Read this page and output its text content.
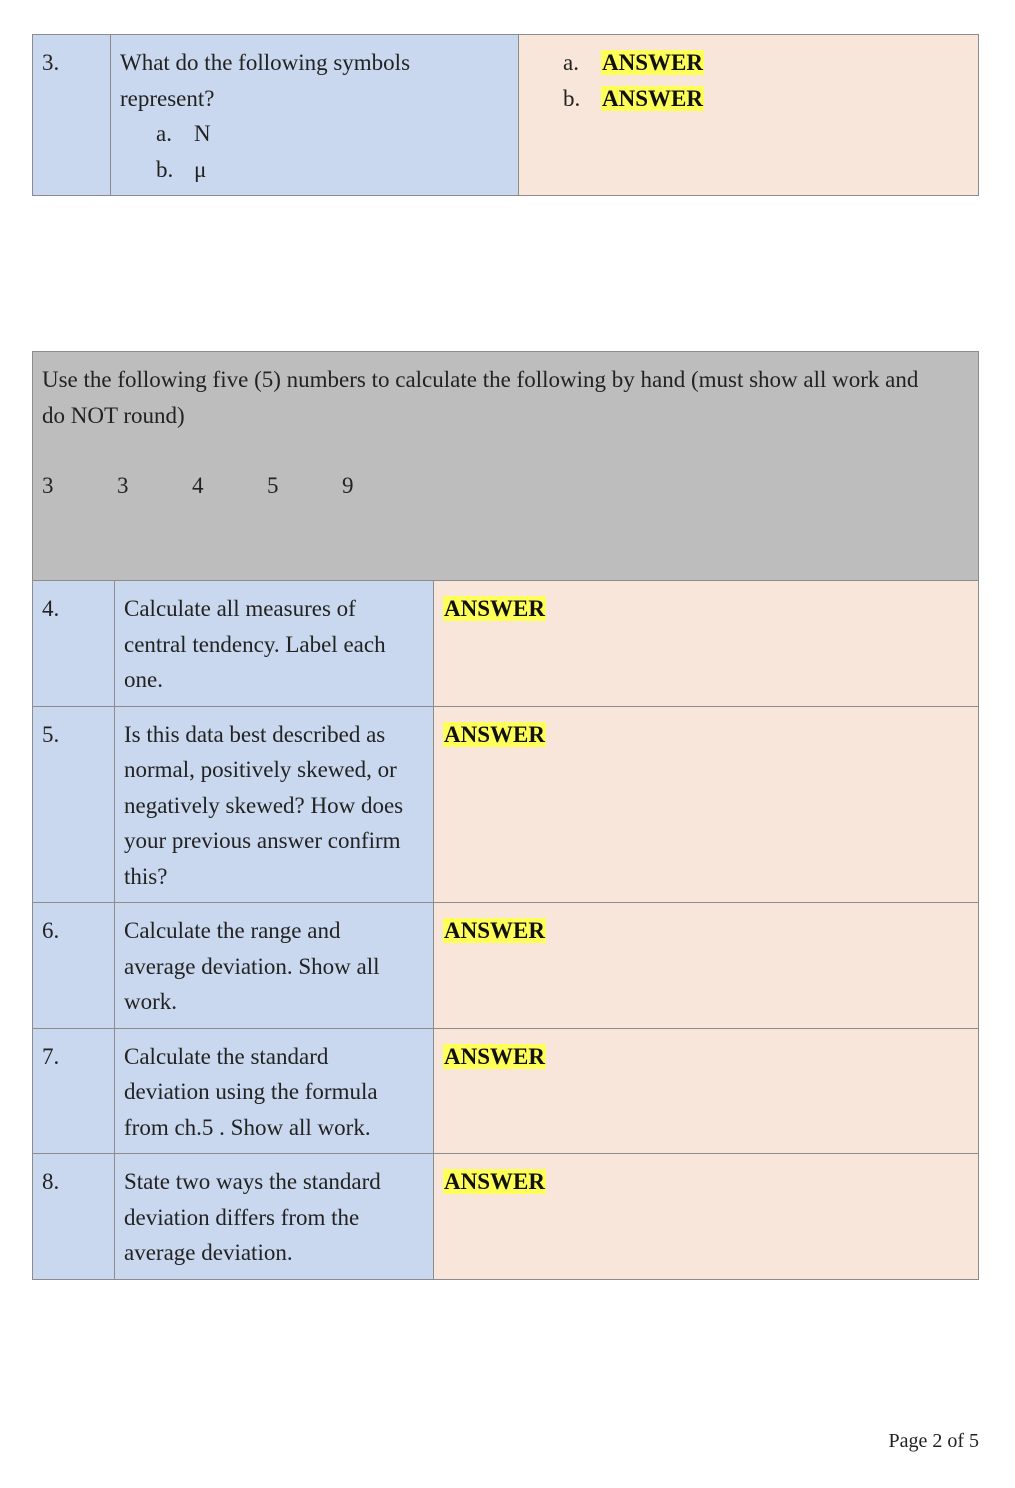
3.	What do the following symbols
represent?
a. N
b. μ

a. ANSWER
b. ANSWER
Use the following five (5) numbers to calculate the following by hand (must show all work and
do NOT round)
3 3 4 5 9		

4.	Calculate all measures of
central tendency. Label each
one.	ANSWER
5.	Is this data best described as
normal, positively skewed, or
negatively skewed? How does
your previous answer confirm
this?	ANSWER
6.	Calculate the range and
average deviation. Show all
work.	ANSWER
7.	Calculate the standard
deviation using the formula
from ch.5 . Show all work.	ANSWER
8.	State two ways the standard
deviation differs from the
average deviation.	ANSWER
Page 2 of 5
